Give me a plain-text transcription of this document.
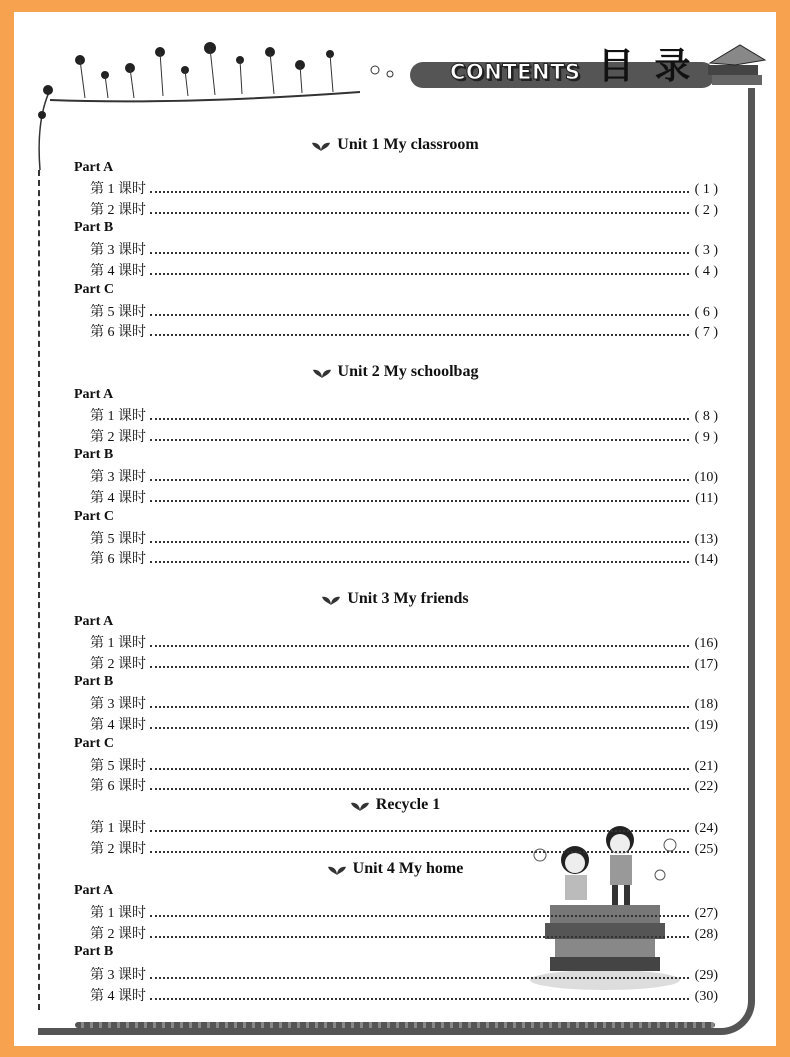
CONTENTS 目 录
Unit 1 My classroom
Part A
第 1 课时	( 1 )
第 2 课时	( 2 )
Part B
第 3 课时	( 3 )
第 4 课时	( 4 )
Part C
第 5 课时	( 6 )
第 6 课时	( 7 )
Unit 2 My schoolbag
Part A
第 1 课时	( 8 )
第 2 课时	( 9 )
Part B
第 3 课时	(10)
第 4 课时	(11)
Part C
第 5 课时	(13)
第 6 课时	(14)
Unit 3 My friends
Part A
第 1 课时	(16)
第 2 课时	(17)
Part B
第 3 课时	(18)
第 4 课时	(19)
Part C
第 5 课时	(21)
第 6 课时	(22)
Recycle 1
第 1 课时	(24)
第 2 课时	(25)
Unit 4 My home
Part A
第 1 课时	(27)
第 2 课时	(28)
Part B
第 3 课时	(29)
第 4 课时	(30)
